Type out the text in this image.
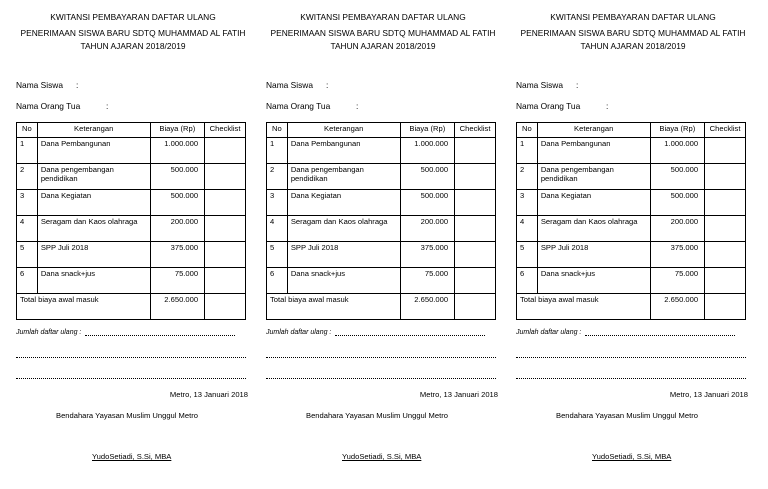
KWITANSI PEMBAYARAN DAFTAR ULANG
PENERIMAAN SISWA BARU SDTQ MUHAMMAD AL FATIH
TAHUN AJARAN 2018/2019
Nama Siswa :
Nama Orang Tua	:
No	Keterangan	Biaya (Rp)	Checklist
1	Dana Pembangunan	1.000.000	
2	Dana pengembangan pendidikan	500.000	
3	Dana Kegiatan	500.000	
4	Seragam dan Kaos olahraga	200.000	
5	SPP Juli 2018	375.000	
6	Dana snack+jus	75.000	
Total biaya awal masuk		2.650.000	
Jumlah daftar ulang :
Metro, 13 Januari 2018
Bendahara Yayasan Muslim Unggul Metro
YudoSetiadi, S.Si, MBA
KWITANSI PEMBAYARAN DAFTAR ULANG
PENERIMAAN SISWA BARU SDTQ MUHAMMAD AL FATIH
TAHUN AJARAN 2018/2019
Nama Siswa :
Nama Orang Tua	:
No	Keterangan	Biaya (Rp)	Checklist
1	Dana Pembangunan	1.000.000	
2	Dana pengembangan pendidikan	500.000	
3	Dana Kegiatan	500.000	
4	Seragam dan Kaos olahraga	200.000	
5	SPP Juli 2018	375.000	
6	Dana snack+jus	75.000	
Total biaya awal masuk		2.650.000	
Jumlah daftar ulang :
Metro, 13 Januari 2018
Bendahara Yayasan Muslim Unggul Metro
YudoSetiadi, S.Si, MBA
KWITANSI PEMBAYARAN DAFTAR ULANG
PENERIMAAN SISWA BARU SDTQ MUHAMMAD AL FATIH
TAHUN AJARAN 2018/2019
Nama Siswa :
Nama Orang Tua	:
No	Keterangan	Biaya (Rp)	Checklist
1	Dana Pembangunan	1.000.000	
2	Dana pengembangan pendidikan	500.000	
3	Dana Kegiatan	500.000	
4	Seragam dan Kaos olahraga	200.000	
5	SPP Juli 2018	375.000	
6	Dana snack+jus	75.000	
Total biaya awal masuk		2.650.000	
Jumlah daftar ulang :
Metro, 13 Januari 2018
Bendahara Yayasan Muslim Unggul Metro
YudoSetiadi, S.Si, MBA
